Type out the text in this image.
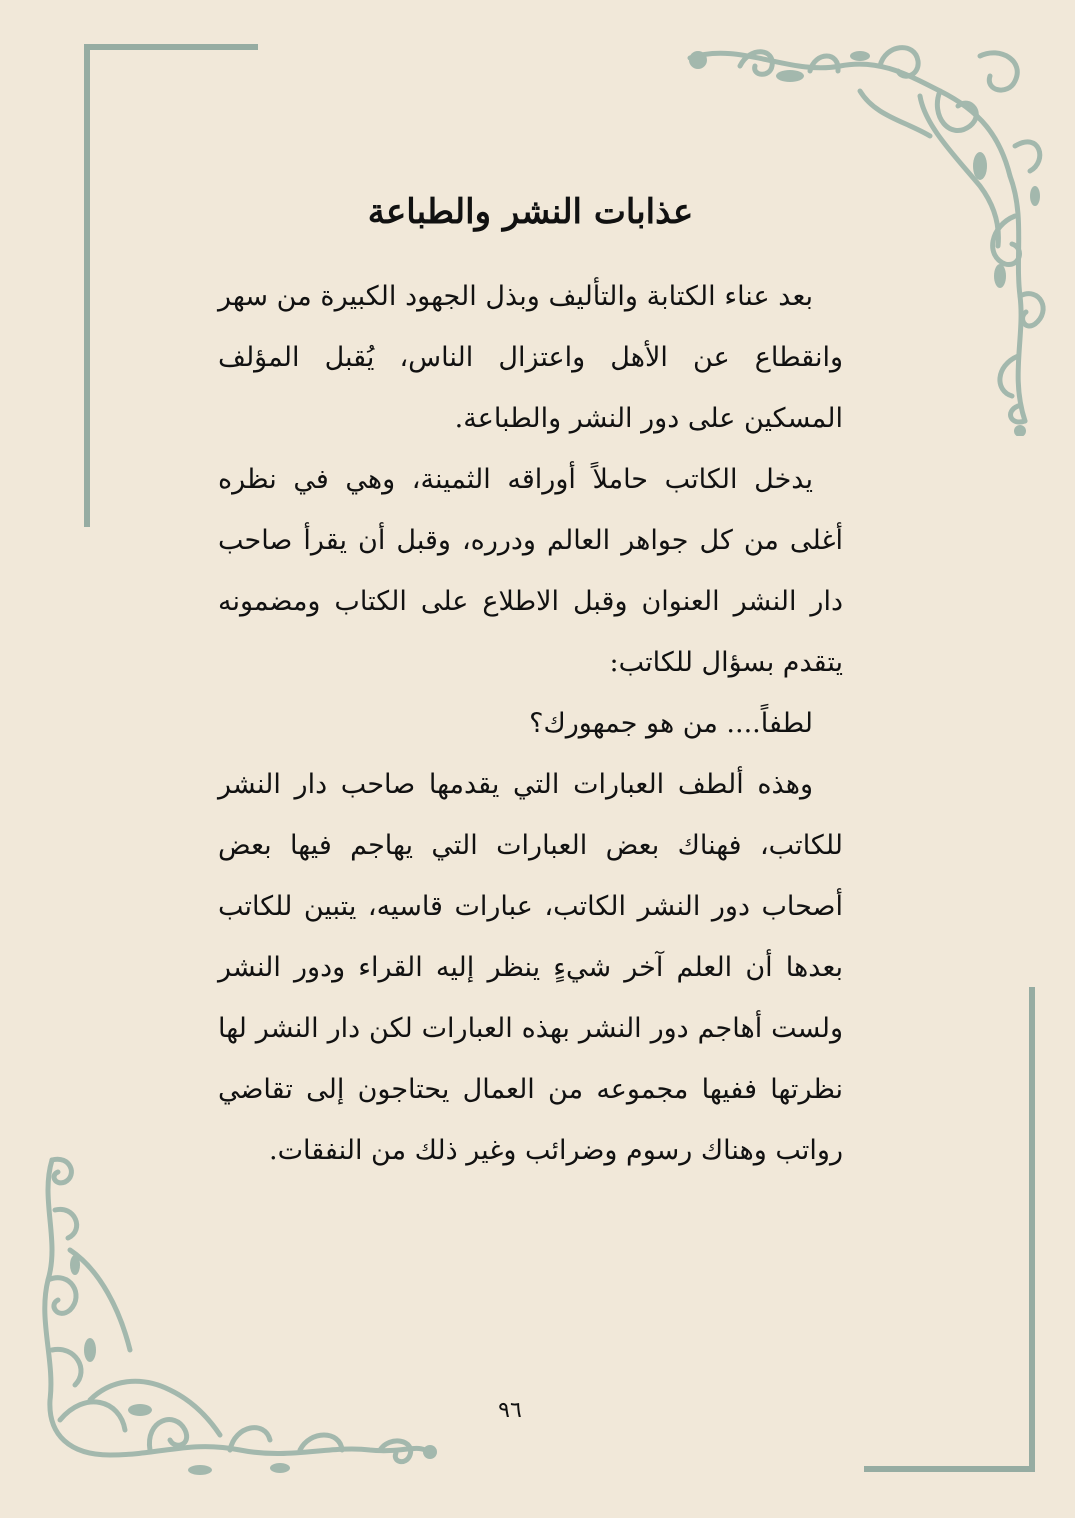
عذابات النشر والطباعة

بعد عناء الكتابة والتأليف وبذل الجهود الكبيرة من سهر وانقطاع عن الأهل واعتزال الناس، يُقبل المؤلف المسكين على دور النشر والطباعة.

يدخل الكاتب حاملاً أوراقه الثمينة، وهي في نظره أغلى من كل جواهر العالم ودرره، وقبل أن يقرأ صاحب دار النشر العنوان وقبل الاطلاع على الكتاب ومضمونه يتقدم بسؤال للكاتب:

لطفاً.... من هو جمهورك؟

وهذه ألطف العبارات التي يقدمها صاحب دار النشر للكاتب، فهناك بعض العبارات التي يهاجم فيها بعض أصحاب دور النشر الكاتب، عبارات قاسيه، يتبين للكاتب بعدها أن العلم آخر شيءٍ ينظر إليه القراء ودور النشر ولست أهاجم دور النشر بهذه العبارات لكن دار النشر لها نظرتها ففيها مجموعه من العمال يحتاجون إلى تقاضي رواتب وهناك رسوم وضرائب وغير ذلك من النفقات.

٩٦
